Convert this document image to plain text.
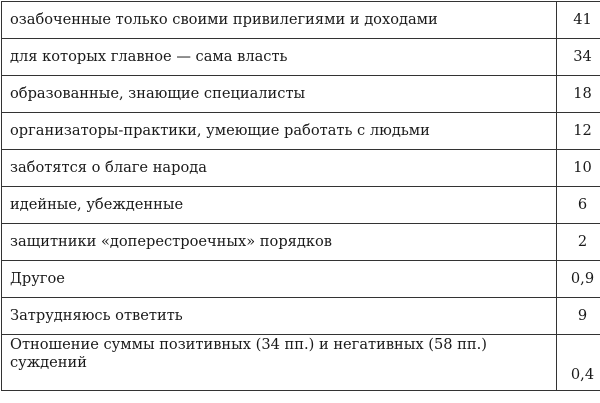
озабоченные только своими привилегиями и доходами	41
для которых главное — сама власть	34
образованные, знающие специалисты	18
организаторы-практики, умеющие работать с людьми	12
заботятся о благе народа	10
идейные, убежденные	6
защитники «доперестроечных» порядков	2
Другое	0,9
Затрудняюсь ответить	9
Отношение суммы позитивных (34 пп.) и негативных (58 пп.) суждений	0,4
